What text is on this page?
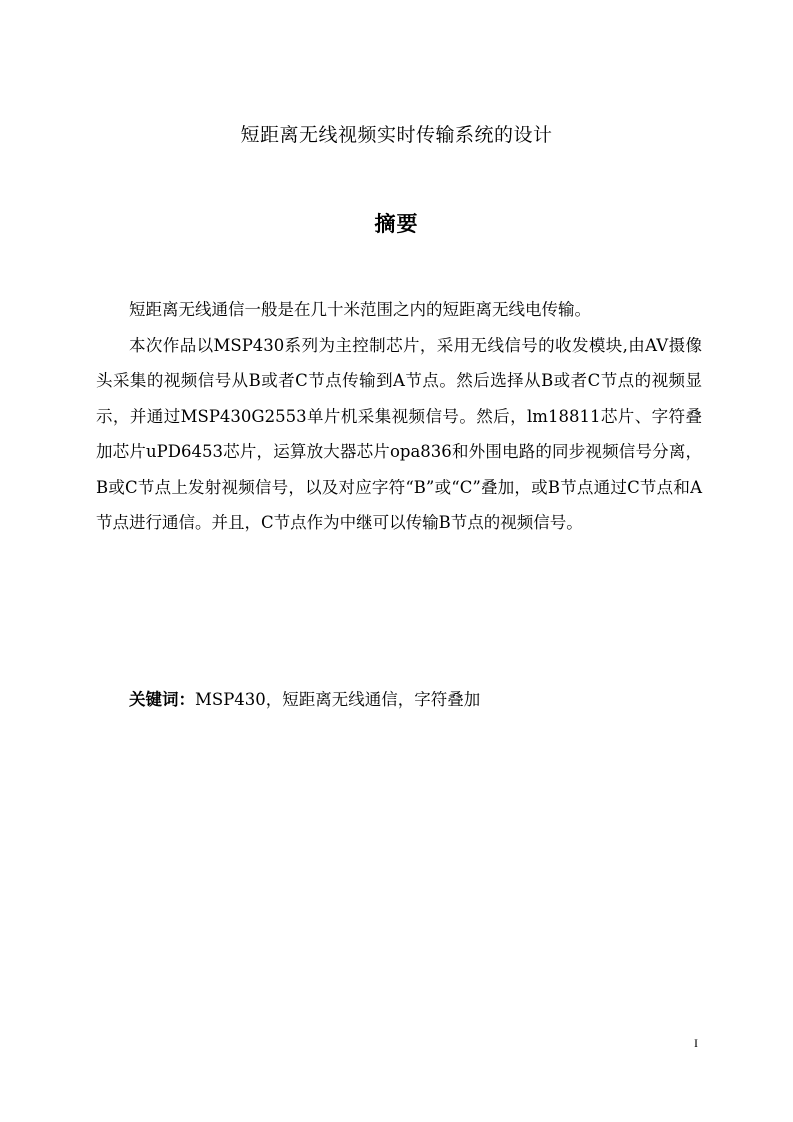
短距离无线视频实时传输系统的设计
摘要

短距离无线通信一般是在几十米范围之内的短距离无线电传输。

本次作品以MSP430系列为主控制芯片，采用无线信号的收发模块,由AV摄像头采集的视频信号从B或者C节点传输到A节点。然后选择从B或者C节点的视频显示，并通过MSP430G2553单片机采集视频信号。然后，lm18811芯片、字符叠加芯片uPD6453芯片，运算放大器芯片opa836和外围电路的同步视频信号分离，B或C节点上发射视频信号，以及对应字符“B”或“C”叠加，或B节点通过C节点和A节点进行通信。并且，C节点作为中继可以传输B节点的视频信号。

关键词：MSP430，短距离无线通信，字符叠加
I
